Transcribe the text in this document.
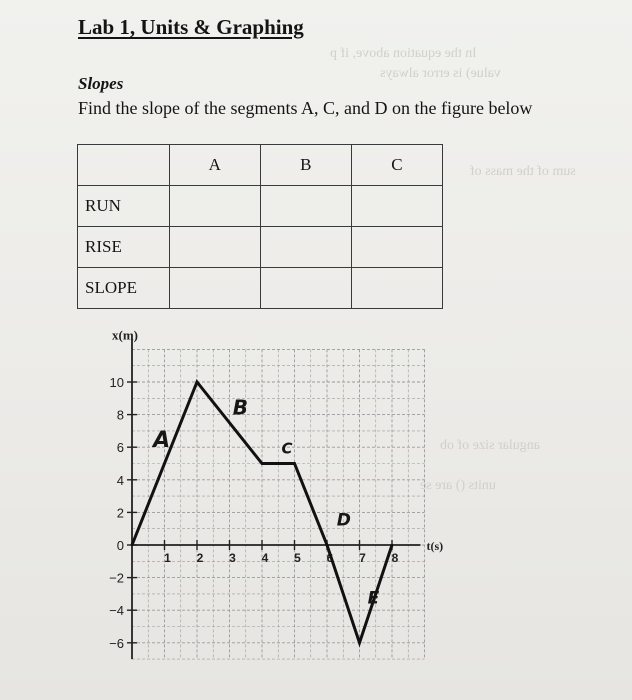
ln the equation above, if p
value) is error always
sum of the mass of
angular size of ob
units () are se
Lab 1, Units & Graphing
Slopes

Find the slope of the segments A, C, and D on the figure below

	A	B	C
RUN			
RISE			
SLOPE			
10
8
6
4
2
0
−2
−4
−6
1 2 3 4 5 6 7 8
x(m)
t(s)
A
B
C
D
E
